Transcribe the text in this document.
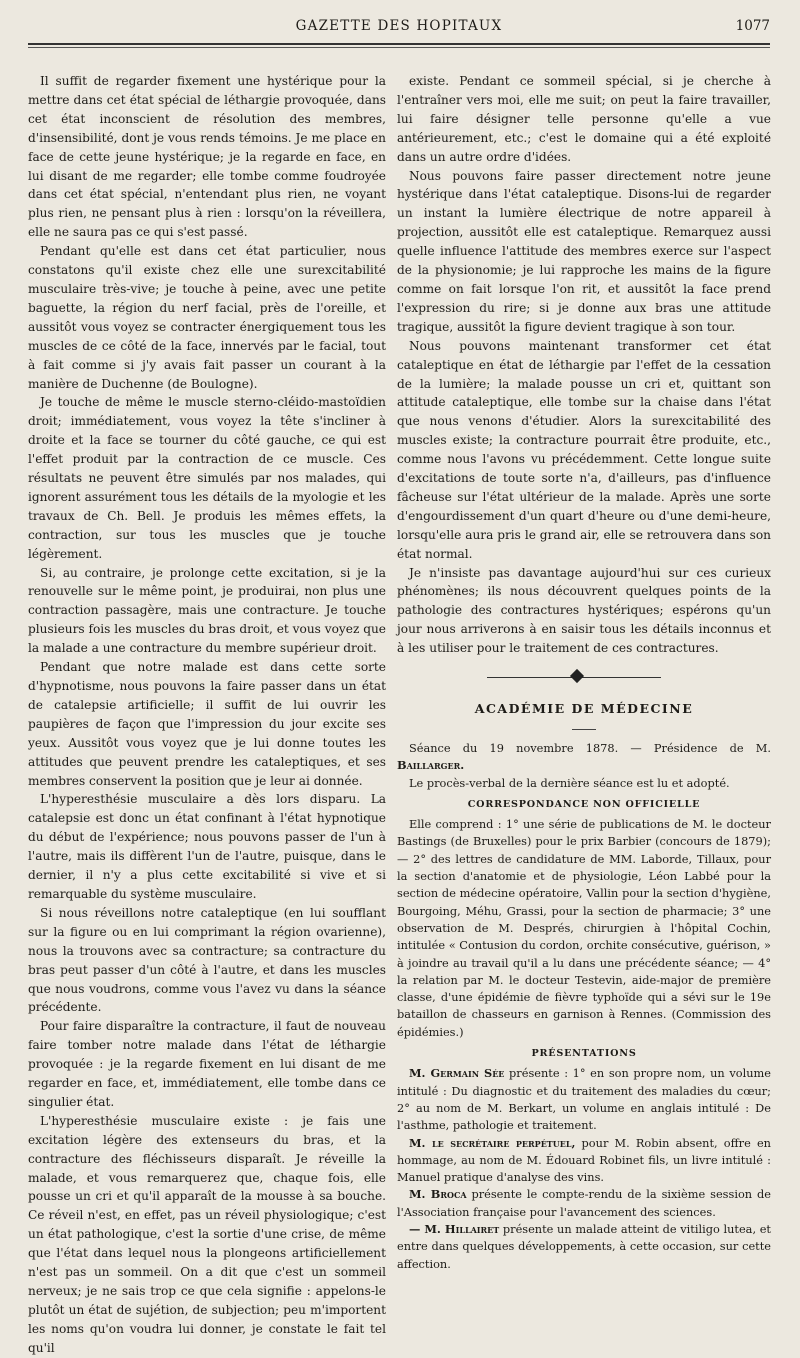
GAZETTE DES HOPITAUX	1077

Il suffit de regarder fixement une hystérique pour la mettre dans cet état spécial de léthargie provoquée, dans cet état inconscient de résolution des membres, d'insensibilité, dont je vous rends témoins. Je me place en face de cette jeune hystérique; je la regarde en face, en lui disant de me regarder; elle tombe comme foudroyée dans cet état spécial, n'entendant plus rien, ne voyant plus rien, ne pensant plus à rien : lorsqu'on la réveillera, elle ne saura pas ce qui s'est passé.

Pendant qu'elle est dans cet état particulier, nous constatons qu'il existe chez elle une surexcitabilité musculaire très-vive; je touche à peine, avec une petite baguette, la région du nerf facial, près de l'oreille, et aussitôt vous voyez se contracter énergiquement tous les muscles de ce côté de la face, innervés par le facial, tout à fait comme si j'y avais fait passer un courant à la manière de Duchenne (de Boulogne).

Je touche de même le muscle sterno-cléido-mastoïdien droit; immédiatement, vous voyez la tête s'incliner à droite et la face se tourner du côté gauche, ce qui est l'effet produit par la contraction de ce muscle. Ces résultats ne peuvent être simulés par nos malades, qui ignorent assurément tous les détails de la myologie et les travaux de Ch. Bell. Je produis les mêmes effets, la contraction, sur tous les muscles que je touche légèrement.

Si, au contraire, je prolonge cette excitation, si je la renouvelle sur le même point, je produirai, non plus une contraction passagère, mais une contracture. Je touche plusieurs fois les muscles du bras droit, et vous voyez que la malade a une contracture du membre supérieur droit.

Pendant que notre malade est dans cette sorte d'hypnotisme, nous pouvons la faire passer dans un état de catalepsie artificielle; il suffit de lui ouvrir les paupières de façon que l'impression du jour excite ses yeux. Aussitôt vous voyez que je lui donne toutes les attitudes que peuvent prendre les cataleptiques, et ses membres conservent la position que je leur ai donnée.

L'hyperesthésie musculaire a dès lors disparu. La catalepsie est donc un état confinant à l'état hypnotique du début de l'expérience; nous pouvons passer de l'un à l'autre, mais ils diffèrent l'un de l'autre, puisque, dans le dernier, il n'y a plus cette excitabilité si vive et si remarquable du système musculaire.

Si nous réveillons notre cataleptique (en lui soufflant sur la figure ou en lui comprimant la région ovarienne), nous la trouvons avec sa contracture; sa contracture du bras peut passer d'un côté à l'autre, et dans les muscles que nous voudrons, comme vous l'avez vu dans la séance précédente.

Pour faire disparaître la contracture, il faut de nouveau faire tomber notre malade dans l'état de léthargie provoquée : je la regarde fixement en lui disant de me regarder en face, et, immédiatement, elle tombe dans ce singulier état.

L'hyperesthésie musculaire existe : je fais une excitation légère des extenseurs du bras, et la contracture des fléchisseurs disparaît. Je réveille la malade, et vous remarquerez que, chaque fois, elle pousse un cri et qu'il apparaît de la mousse à sa bouche. Ce réveil n'est, en effet, pas un réveil physiologique; c'est un état pathologique, c'est la sortie d'une crise, de même que l'état dans lequel nous la plongeons artificiellement n'est pas un sommeil. On a dit que c'est un sommeil nerveux; je ne sais trop ce que cela signifie : appelons-le plutôt un état de sujétion, de subjection; peu m'importent les noms qu'on voudra lui donner, je constate le fait tel qu'il

existe. Pendant ce sommeil spécial, si je cherche à l'entraîner vers moi, elle me suit; on peut la faire travailler, lui faire désigner telle personne qu'elle a vue antérieurement, etc.; c'est le domaine qui a été exploité dans un autre ordre d'idées.

Nous pouvons faire passer directement notre jeune hystérique dans l'état cataleptique. Disons-lui de regarder un instant la lumière électrique de notre appareil à projection, aussitôt elle est cataleptique. Remarquez aussi quelle influence l'attitude des membres exerce sur l'aspect de la physionomie; je lui rapproche les mains de la figure comme on fait lorsque l'on rit, et aussitôt la face prend l'expression du rire; si je donne aux bras une attitude tragique, aussitôt la figure devient tragique à son tour.

Nous pouvons maintenant transformer cet état cataleptique en état de léthargie par l'effet de la cessation de la lumière; la malade pousse un cri et, quittant son attitude cataleptique, elle tombe sur la chaise dans l'état que nous venons d'étudier. Alors la surexcitabilité des muscles existe; la contracture pourrait être produite, etc., comme nous l'avons vu précédemment. Cette longue suite d'excitations de toute sorte n'a, d'ailleurs, pas d'influence fâcheuse sur l'état ultérieur de la malade. Après une sorte d'engourdissement d'un quart d'heure ou d'une demi-heure, lorsqu'elle aura pris le grand air, elle se retrouvera dans son état normal.

Je n'insiste pas davantage aujourd'hui sur ces curieux phénomènes; ils nous découvrent quelques points de la pathologie des contractures hystériques; espérons qu'un jour nous arriverons à en saisir tous les détails inconnus et à les utiliser pour le traitement de ces contractures.

ACADÉMIE DE MÉDECINE

Séance du 19 novembre 1878. — Présidence de M. Baillarger.

Le procès-verbal de la dernière séance est lu et adopté.

CORRESPONDANCE NON OFFICIELLE

Elle comprend : 1° une série de publications de M. le docteur Bastings (de Bruxelles) pour le prix Barbier (concours de 1879); — 2° des lettres de candidature de MM. Laborde, Tillaux, pour la section d'anatomie et de physiologie, Léon Labbé pour la section de médecine opératoire, Vallin pour la section d'hygiène, Bourgoing, Méhu, Grassi, pour la section de pharmacie; 3° une observation de M. Després, chirurgien à l'hôpital Cochin, intitulée « Contusion du cordon, orchite consécutive, guérison, » à joindre au travail qu'il a lu dans une précédente séance; — 4° la relation par M. le docteur Testevin, aide-major de première classe, d'une épidémie de fièvre typhoïde qui a sévi sur le 19e bataillon de chasseurs en garnison à Rennes. (Commission des épidémies.)

PRÉSENTATIONS

M. Germain Sée présente : 1° en son propre nom, un volume intitulé : Du diagnostic et du traitement des maladies du cœur; 2° au nom de M. Berkart, un volume en anglais intitulé : De l'asthme, pathologie et traitement.

M. le secrétaire perpétuel, pour M. Robin absent, offre en hommage, au nom de M. Édouard Robinet fils, un livre intitulé : Manuel pratique d'analyse des vins.

M. Broca présente le compte-rendu de la sixième session de l'Association française pour l'avancement des sciences.

— M. Hillairet présente un malade atteint de vitiligo lutea, et entre dans quelques développements, à cette occasion, sur cette affection.
